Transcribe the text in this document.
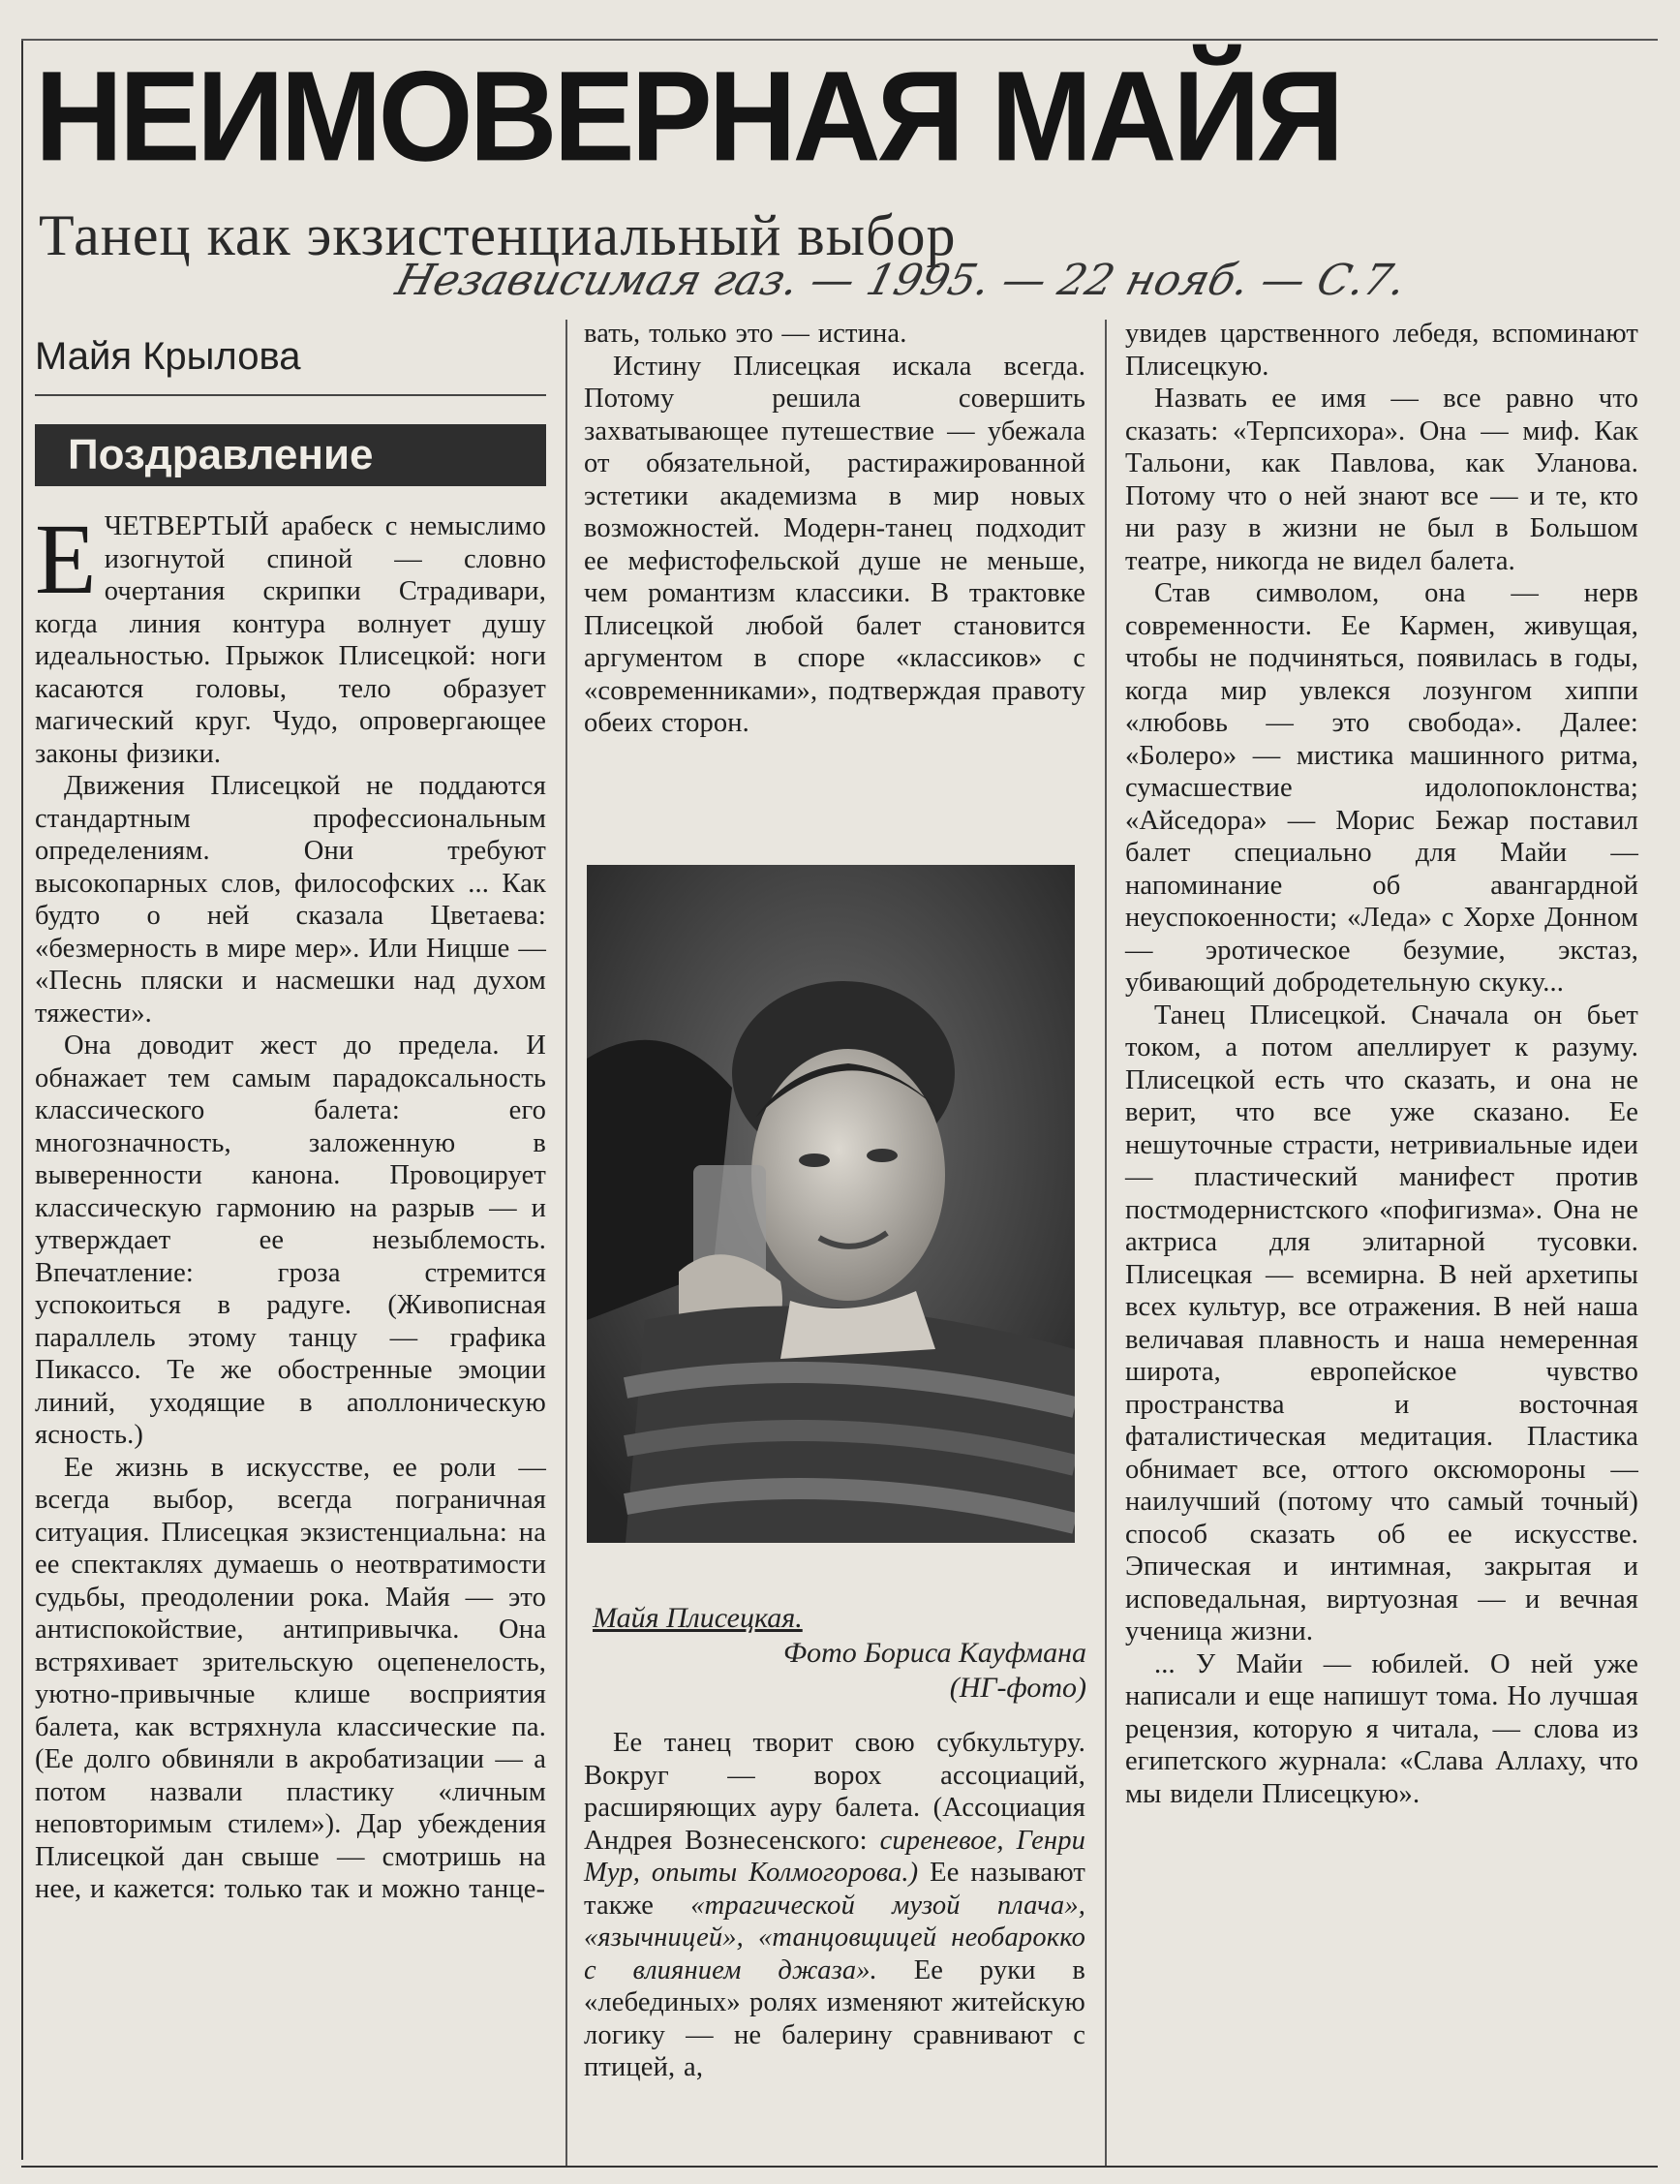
НЕИМОВЕРНАЯ МАЙЯ
Танец как экзистенциальный выбор
Независимая газ. — 1995. — 22 нояб. — С.7.
Майя Крылова
Поздравление

Е ЧЕТВЕРТЫЙ арабеск с немыслимо изогнутой спиной — словно очертания скрипки Страдивари, когда линия контура волнует душу идеальностью. Прыжок Плисецкой: ноги касаются головы, тело образует магический круг. Чудо, опровергающее законы физики.

Движения Плисецкой не поддаются стандартным профессиональным определениям. Они требуют высокопарных слов, философских ... Как будто о ней сказала Цветаева: «безмерность в мире мер». Или Ницше — «Песнь пляски и насмешки над духом тяжести».

Она доводит жест до предела. И обнажает тем самым парадоксальность классического балета: его многозначность, заложенную в выверенности канона. Провоцирует классическую гармонию на разрыв — и утверждает ее незыблемость. Впечатление: гроза стремится успокоиться в радуге. (Живописная параллель этому танцу — графика Пикассо. Те же обостренные эмоции линий, уходящие в аполлоническую ясность.)

Ее жизнь в искусстве, ее роли — всегда выбор, всегда пограничная ситуация. Плисецкая экзистенциальна: на ее спектаклях думаешь о неотвратимости судьбы, преодолении рока. Майя — это антиспокойствие, антипривычка. Она встряхивает зрительскую оцепенелость, уютно-привычные клише восприятия балета, как встряхнула классические па. (Ее долго обвиняли в акробатизации — а потом назвали пластику «личным неповторимым стилем»). Дар убеждения Плисецкой дан свыше — смотришь на нее, и кажется: только так и можно танце-

вать, только это — истина.

Истину Плисецкая искала всегда. Потому решила совершить захватывающее путешествие — убежала от обязательной, растиражированной эстетики академизма в мир новых возможностей. Модерн-танец подходит ее мефистофельской душе не меньше, чем романтизм классики. В трактовке Плисецкой любой балет становится аргументом в споре «классиков» с «современниками», подтверждая правоту обеих сторон.

Майя Плисецкая.
Фото Бориса Кауфмана
(НГ-фото)

Ее танец творит свою субкультуру. Вокруг — ворох ассоциаций, расширяющих ауру балета. (Ассоциация Андрея Вознесенского: сиреневое, Генри Мур, опыты Колмогорова.) Ее называют также «трагической музой плача», «язычницей», «танцовщицей необарокко с влиянием джаза». Ее руки в «лебединых» ролях изменяют житейскую логику — не балерину сравнивают с птицей, а,

увидев царственного лебедя, вспоминают Плисецкую.

Назвать ее имя — все равно что сказать: «Терпсихора». Она — миф. Как Тальони, как Павлова, как Уланова. Потому что о ней знают все — и те, кто ни разу в жизни не был в Большом театре, никогда не видел балета.

Став символом, она — нерв современности. Ее Кармен, живущая, чтобы не подчиняться, появилась в годы, когда мир увлекся лозунгом хиппи «любовь — это свобода». Далее: «Болеро» — мистика машинного ритма, сумасшествие идолопоклонства; «Айседора» — Морис Бежар поставил балет специально для Майи — напоминание об авангардной неуспокоенности; «Леда» с Хорхе Донном — эротическое безумие, экстаз, убивающий добродетельную скуку...

Танец Плисецкой. Сначала он бьет током, а потом апеллирует к разуму. Плисецкой есть что сказать, и она не верит, что все уже сказано. Ее нешуточные страсти, нетривиальные идеи — пластический манифест против постмодернистского «пофигизма». Она не актриса для элитарной тусовки. Плисецкая — всемирна. В ней архетипы всех культур, все отражения. В ней наша величавая плавность и наша немеренная широта, европейское чувство пространства и восточная фаталистическая медитация. Пластика обнимает все, оттого оксюмороны — наилучший (потому что самый точный) способ сказать об ее искусстве. Эпическая и интимная, закрытая и исповедальная, виртуозная — и вечная ученица жизни.

... У Майи — юбилей. О ней уже написали и еще напишут тома. Но лучшая рецензия, которую я читала, — слова из египетского журнала: «Слава Аллаху, что мы видели Плисецкую».
